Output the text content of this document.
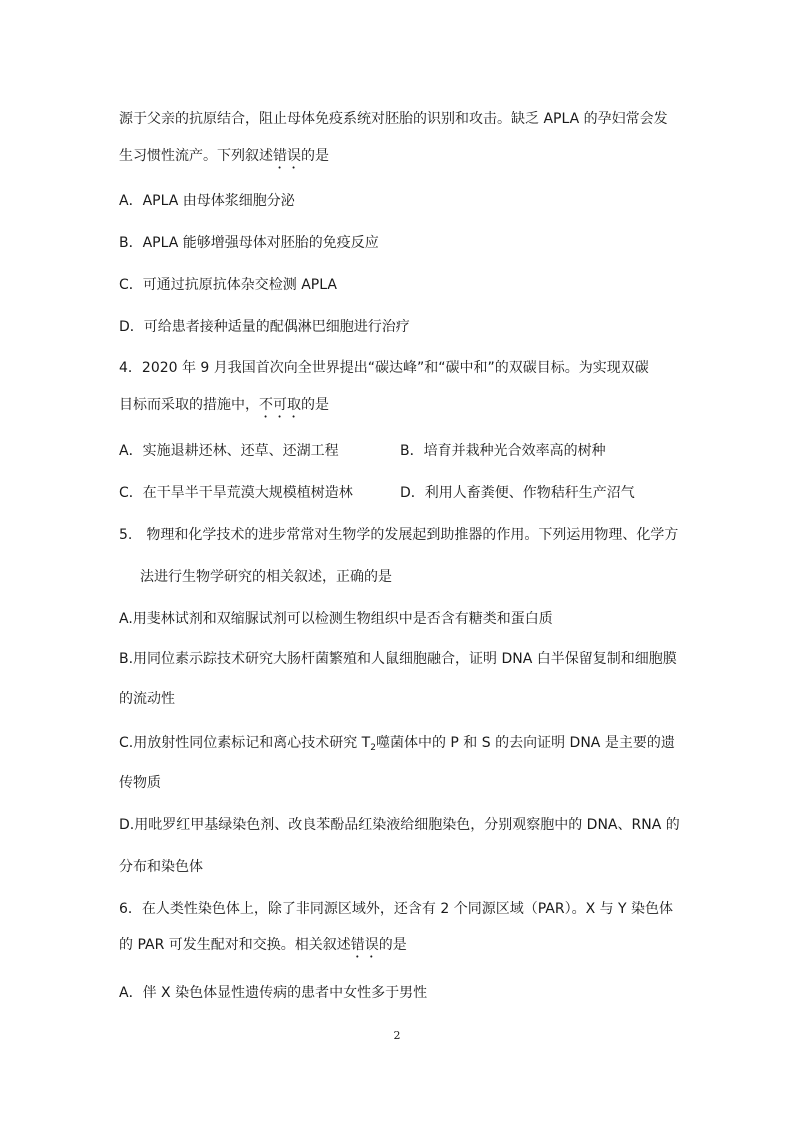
源于父亲的抗原结合，阻止母体免疫系统对胚胎的识别和攻击。缺乏 APLA 的孕妇常会发
生习惯性流产。下列叙述错误的是
A．APLA 由母体浆细胞分泌
B．APLA 能够增强母体对胚胎的免疫反应
C．可通过抗原抗体杂交检测 APLA
D．可给患者接种适量的配偶淋巴细胞进行治疗
4．2020 年 9 月我国首次向全世界提出“碳达峰”和“碳中和”的双碳目标。为实现双碳
目标而采取的措施中，不可取的是
A．实施退耕还林、还草、还湖工程	B．培育并栽种光合效率高的树种
C．在干旱半干旱荒漠大规模植树造林	D．利用人畜粪便、作物秸秆生产沼气
5.　物理和化学技术的进步常常对生物学的发展起到助推器的作用。下列运用物理、化学方
法进行生物学研究的相关叙述，正确的是
A.用斐林试剂和双缩脲试剂可以检测生物组织中是否含有糖类和蛋白质
B.用同位素示踪技术研究大肠杆菌繁殖和人鼠细胞融合，证明 DNA 白半保留复制和细胞膜
的流动性
C.用放射性同位素标记和离心技术研究 $T_2$噬菌体中的 P 和 S 的去向证明 DNA 是主要的遗
传物质
D.用吡罗红甲基绿染色剂、改良苯酚品红染液给细胞染色，分别观察胞中的 DNA、RNA 的
分布和染色体
6．在人类性染色体上，除了非同源区域外，还含有 2 个同源区域（PAR）。X 与 Y 染色体
的 PAR 可发生配对和交换。相关叙述错误的是
A．伴 X 染色体显性遗传病的患者中女性多于男性
2
